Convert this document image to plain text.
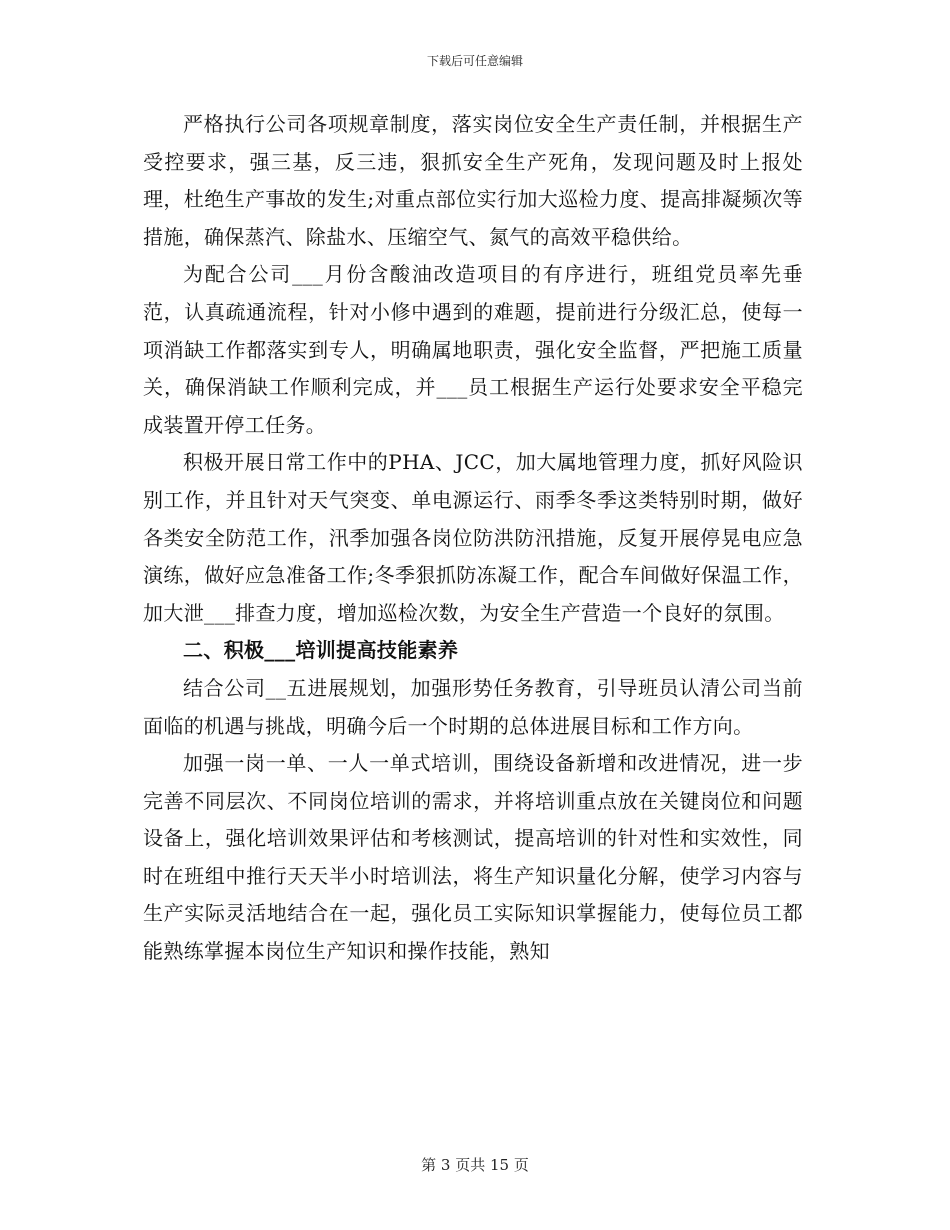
下载后可任意编辑

严格执行公司各项规章制度，落实岗位安全生产责任制，并根据生产受控要求，强三基，反三违，狠抓安全生产死角，发现问题及时上报处理，杜绝生产事故的发生;对重点部位实行加大巡检力度、提高排凝频次等措施，确保蒸汽、除盐水、压缩空气、氮气的高效平稳供给。

为配合公司___月份含酸油改造项目的有序进行，班组党员率先垂范，认真疏通流程，针对小修中遇到的难题，提前进行分级汇总，使每一项消缺工作都落实到专人，明确属地职责，强化安全监督，严把施工质量关，确保消缺工作顺利完成，并___员工根据生产运行处要求安全平稳完成装置开停工任务。

积极开展日常工作中的PHA、JCC，加大属地管理力度，抓好风险识别工作，并且针对天气突变、单电源运行、雨季冬季这类特别时期，做好各类安全防范工作，汛季加强各岗位防洪防汛措施，反复开展停晃电应急演练，做好应急准备工作;冬季狠抓防冻凝工作，配合车间做好保温工作，加大泄___排查力度，增加巡检次数，为安全生产营造一个良好的氛围。

二、积极___培训提高技能素养

结合公司__五进展规划，加强形势任务教育，引导班员认清公司当前面临的机遇与挑战，明确今后一个时期的总体进展目标和工作方向。

加强一岗一单、一人一单式培训，围绕设备新增和改进情况，进一步完善不同层次、不同岗位培训的需求，并将培训重点放在关键岗位和问题设备上，强化培训效果评估和考核测试，提高培训的针对性和实效性，同时在班组中推行天天半小时培训法，将生产知识量化分解，使学习内容与生产实际灵活地结合在一起，强化员工实际知识掌握能力，使每位员工都能熟练掌握本岗位生产知识和操作技能，熟知

第 3 页共 15 页
